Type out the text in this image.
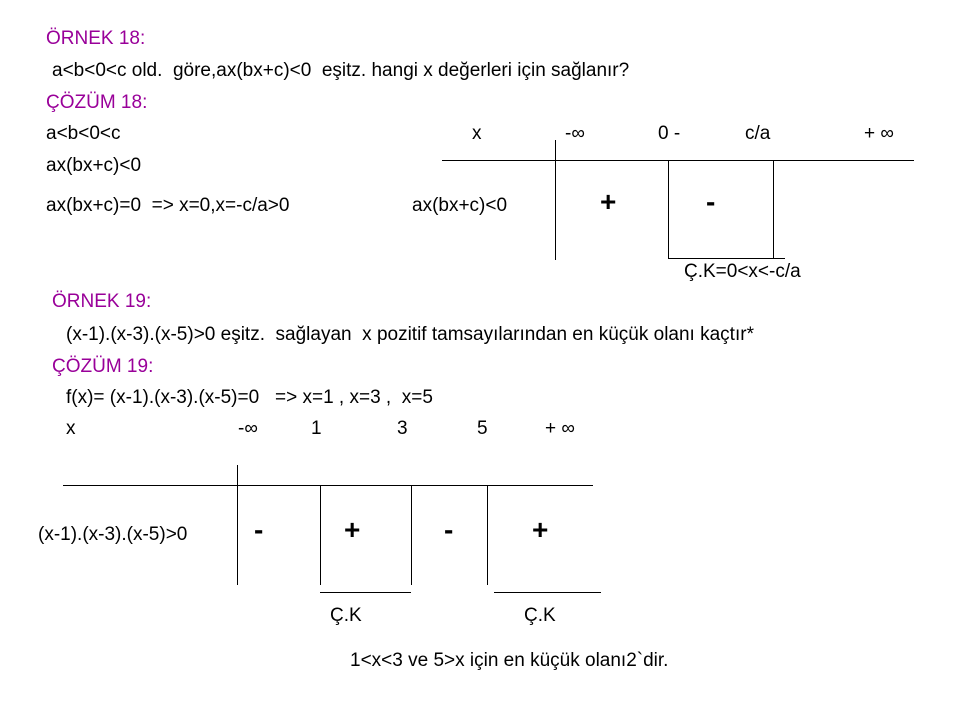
ÖRNEK 18:
a<b<0<c old.  göre,ax(bx+c)<0  eşitz. hangi x değerleri için sağlanır?
ÇÖZÜM 18:
a<b<0<c
ax(bx+c)<0
ax(bx+c)=0  => x=0,x=-c/a>0
x	-∞	0 -	c/a	+ ∞
ax(bx+c)<0	+	-
Ç.K=0<x<-c/a
ÖRNEK 19:
(x-1).(x-3).(x-5)>0 eşitz.  sağlayan  x pozitif tamsayılarından en küçük olanı kaçtır*
ÇÖZÜM 19:
f(x)= (x-1).(x-3).(x-5)=0   => x=1 , x=3 ,  x=5
x	-∞	1	3	5	+ ∞
(x-1).(x-3).(x-5)>0 -	+	-	+
Ç.K	Ç.K
1<x<3 ve 5>x için en küçük olanı2`dir.
